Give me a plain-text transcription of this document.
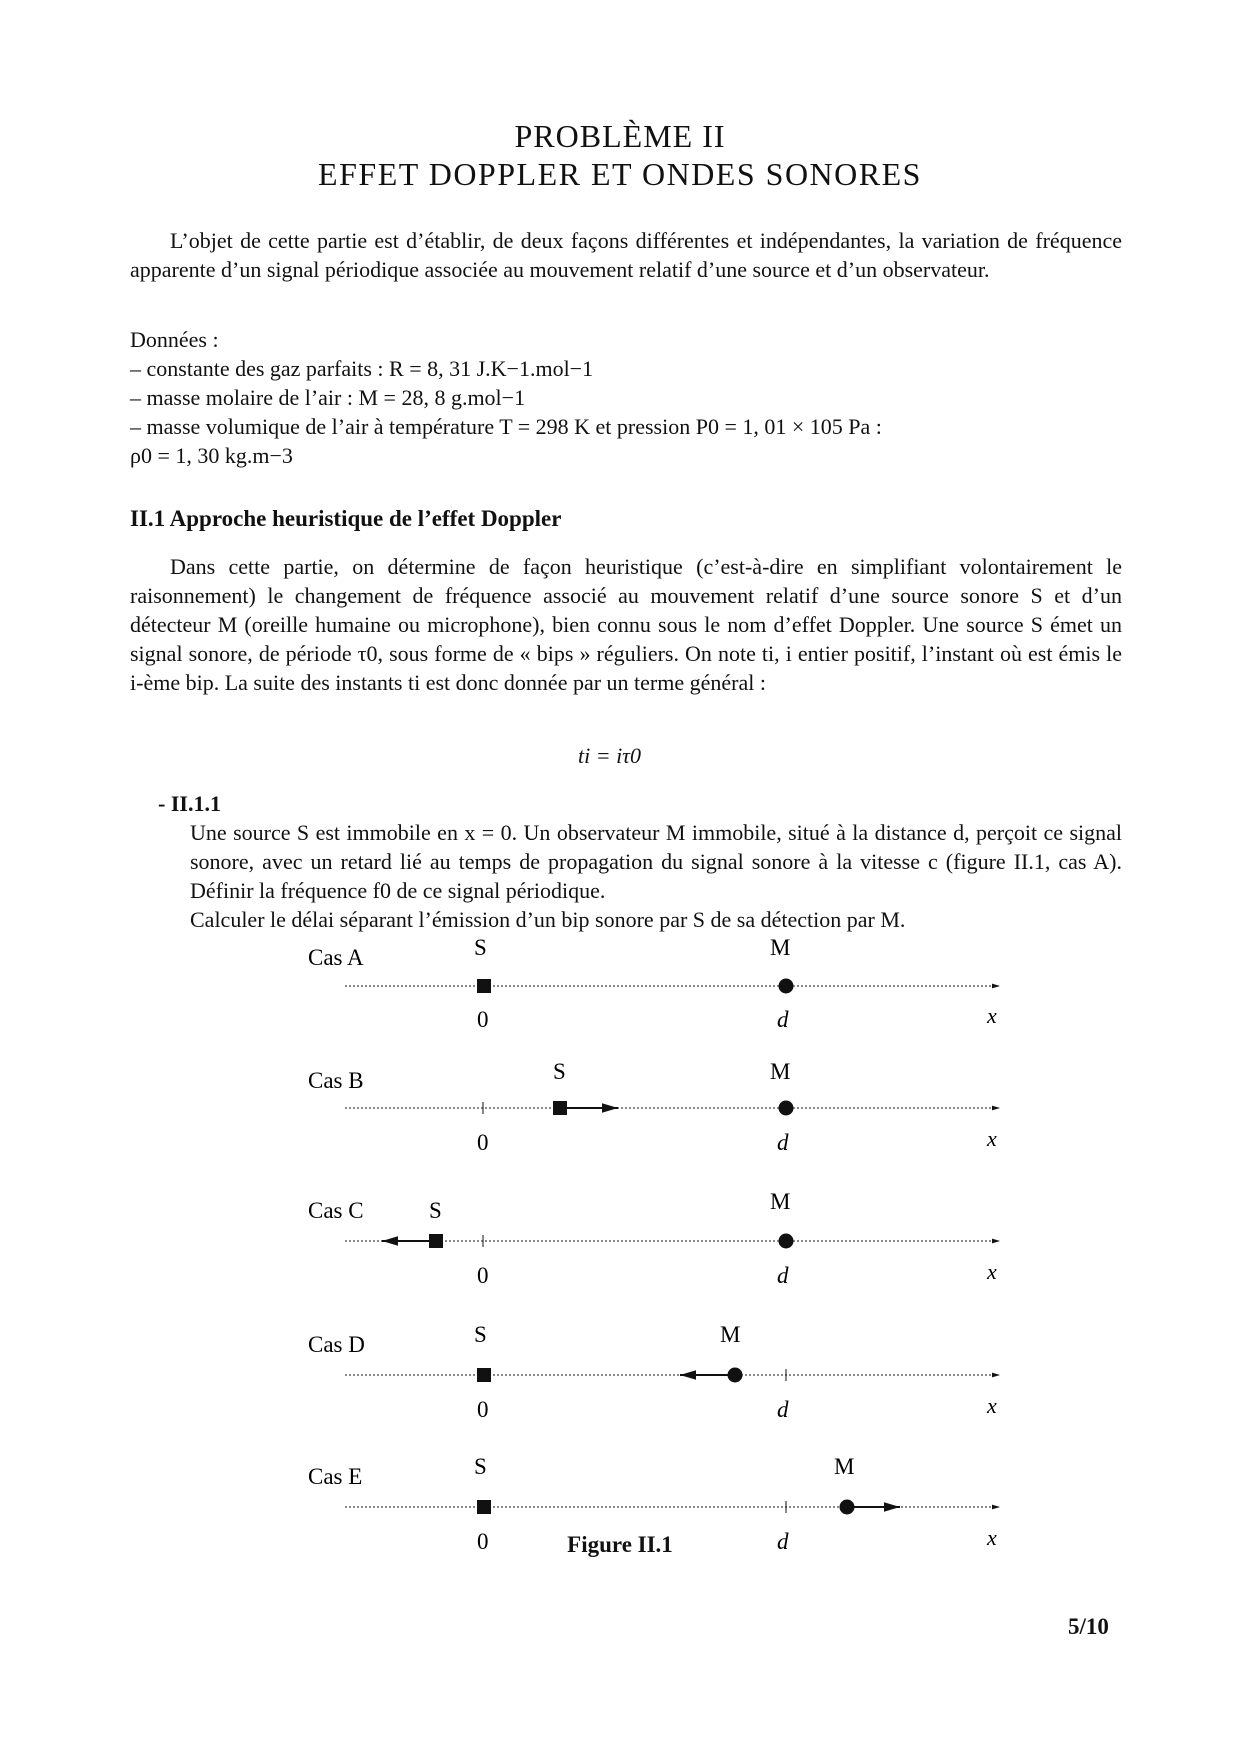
PROBLÈME II
EFFET DOPPLER ET ONDES SONORES
L’objet de cette partie est d’établir, de deux façons différentes et indépendantes, la variation de fréquence apparente d’un signal périodique associée au mouvement relatif d’une source et d’un observateur.
Données :
– constante des gaz parfaits : R = 8, 31 J.K−1.mol−1
– masse molaire de l’air : M = 28, 8 g.mol−1
– masse volumique de l’air à température T = 298 K et pression P0 = 1, 01 × 105 Pa :
ρ0 = 1, 30 kg.m−3
II.1 Approche heuristique de l’effet Doppler
Dans cette partie, on détermine de façon heuristique (c’est-à-dire en simplifiant volontairement le raisonnement) le changement de fréquence associé au mouvement relatif d’une source sonore S et d’un détecteur M (oreille humaine ou microphone), bien connu sous le nom d’effet Doppler. Une source S émet un signal sonore, de période τ0, sous forme de « bips » réguliers. On note ti, i entier positif, l’instant où est émis le i-ème bip. La suite des instants ti est donc donnée par un terme général :
ti = iτ0
- II.1.1
Une source S est immobile en x = 0. Un observateur M immobile, situé à la distance d, perçoit ce signal sonore, avec un retard lié au temps de propagation du signal sonore à la vitesse c (figure II.1, cas A). Définir la fréquence f0 de ce signal périodique.
Calculer le délai séparant l’émission d’un bip sonore par S de sa détection par M.
Cas A	S	M
0	d	x
Cas B	S	M
0	d	x
Cas C	S	M
0	d	x
Cas D	S	M
0	d	x
Cas E	S	M
0	d	x
Figure II.1
5/10
